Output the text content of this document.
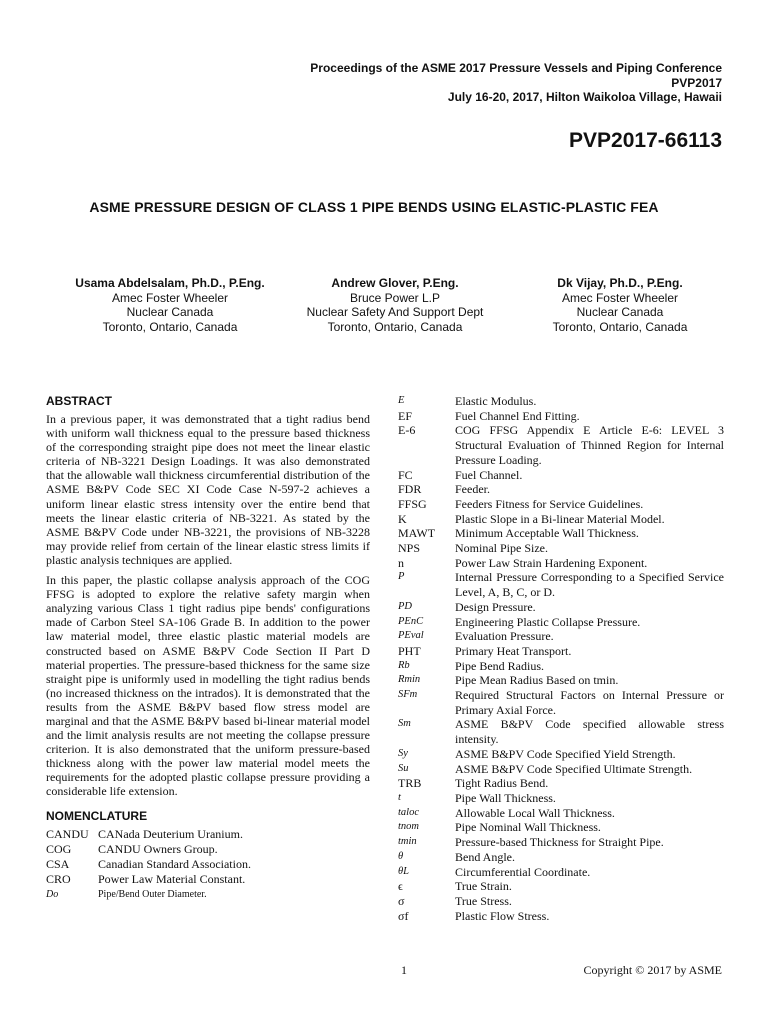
Proceedings of the ASME 2017 Pressure Vessels and Piping Conference
PVP2017
July 16-20, 2017, Hilton Waikoloa Village, Hawaii
PVP2017-66113
ASME PRESSURE DESIGN OF CLASS 1 PIPE BENDS USING ELASTIC-PLASTIC FEA
Usama Abdelsalam, Ph.D., P.Eng.
Amec Foster Wheeler
Nuclear Canada
Toronto, Ontario, Canada
Andrew Glover, P.Eng.
Bruce Power L.P
Nuclear Safety And Support Dept
Toronto, Ontario, Canada
Dk Vijay, Ph.D., P.Eng.
Amec Foster Wheeler
Nuclear Canada
Toronto, Ontario, Canada
ABSTRACT

In a previous paper, it was demonstrated that a tight radius bend with uniform wall thickness equal to the pressure based thickness of the corresponding straight pipe does not meet the linear elastic criteria of NB-3221 Design Loadings. It was also demonstrated that the allowable wall thickness circumferential distribution of the ASME B&PV Code SEC XI Code Case N-597-2 achieves a uniform linear elastic stress intensity over the entire bend that meets the linear elastic criteria of NB-3221. As stated by the ASME B&PV Code under NB-3221, the provisions of NB-3228 may provide relief from certain of the linear elastic stress limits if plastic analysis techniques are applied.

In this paper, the plastic collapse analysis approach of the COG FFSG is adopted to explore the relative safety margin when analyzing various Class 1 tight radius pipe bends' configurations made of Carbon Steel SA-106 Grade B. In addition to the power law material model, three elastic plastic material models are constructed based on ASME B&PV Code Section II Part D material properties. The pressure-based thickness for the same size straight pipe is uniformly used in modelling the tight radius bends (no increased thickness on the intrados). It is demonstrated that the results from the ASME B&PV based flow stress model are marginal and that the ASME B&PV based bi-linear material model and the limit analysis results are not meeting the collapse pressure criterion. It is also demonstrated that the uniform pressure-based thickness along with the power law material model meets the requirements for the adopted plastic collapse pressure providing a considerable life extension.

NOMENCLATURE
CANDU CANada Deuterium Uranium.
COG	CANDU Owners Group.
CSA	Canadian Standard Association.
CRO	Power Law Material Constant.
Do	Pipe/Bend Outer Diameter.
E	Elastic Modulus.
EF	Fuel Channel End Fitting.
E-6	COG FFSG Appendix E Article E-6: LEVEL 3 Structural Evaluation of Thinned Region for Internal Pressure Loading.
FC	Fuel Channel.
FDR	Feeder.
FFSG	Feeders Fitness for Service Guidelines.
K	Plastic Slope in a Bi-linear Material Model.
MAWT	Minimum Acceptable Wall Thickness.
NPS	Nominal Pipe Size.
n	Power Law Strain Hardening Exponent.
P	Internal Pressure Corresponding to a Specified Service Level, A, B, C, or D.
PD	Design Pressure.
PEnC	Engineering Plastic Collapse Pressure.
PEval	Evaluation Pressure.
PHT	Primary Heat Transport.
Rb	Pipe Bend Radius.
Rmin	Pipe Mean Radius Based on tmin.
SFm	Required Structural Factors on Internal Pressure or Primary Axial Force.
Sm	ASME B&PV Code specified allowable stress intensity.
Sy	ASME B&PV Code Specified Yield Strength.
Su	ASME B&PV Code Specified Ultimate Strength.
TRB	Tight Radius Bend.
t	Pipe Wall Thickness.
taloc	Allowable Local Wall Thickness.
tnom	Pipe Nominal Wall Thickness.
tmin	Pressure-based Thickness for Straight Pipe.
θ	Bend Angle.
θL	Circumferential Coordinate.
ϵ	True Strain.
σ	True Stress.
σf	Plastic Flow Stress.
1	Copyright © 2017 by ASME
